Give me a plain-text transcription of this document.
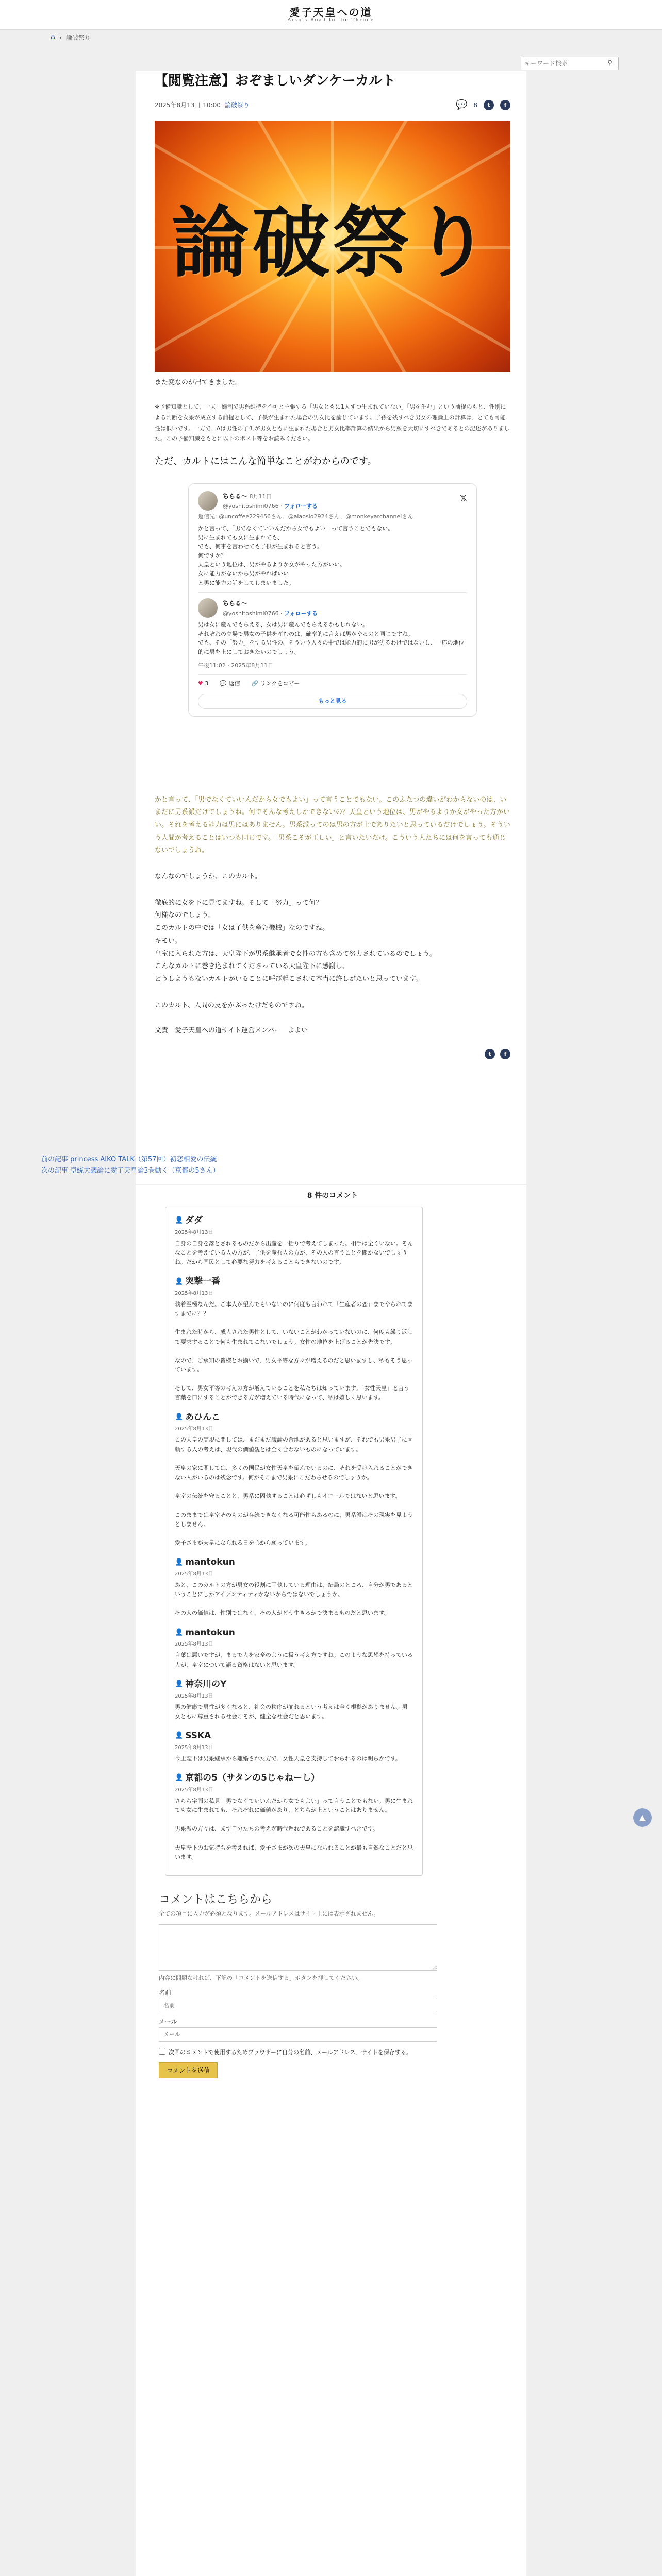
愛子天皇への道
Aiko's Road to the Throne
⌂ › 論破祭り
キーワード検索
⚲
【閲覧注意】おぞましいダンケーカルト
2025年8月13日 10:00 論破祭り	💬 8	t	f
論破祭り

また変なのが出てきました。

※予備知識として、一夫一婦制で男系維持を不可と主張する「男女ともに1人ずつ生まれていない」「男を生む」という前提のもと、性別による判断を女系が成立する前提として、子供が生まれた場合の男女比を論じています。子孫を残すべき男女の理論上の計算は、とても可能性は低いです。一方で、Aは男性の子供が男女ともに生まれた場合と男女比率計算の結果から男系を大切にすべきであるとの記述がありました。この予備知識をもとに以下のポスト等をお読みください。

ただ、カルトにはこんな簡単なことがわからのです。

𝕏
ちらる〜 8月11日
@yoshitoshimi0766 · フォローする
返信先: @uncoffee229456さん、@aiaosio2924さん、@monkeyarchanneiさん
かと言って、「男でなくていいんだから女でもよい」って言うことでもない。
男に生まれても女に生まれても、
でも、何事を言わせても子供が生まれると言う。
何ですか？
天皇という地位は、男がやるよりか女がやった方がいい。
女に能力がないから男がやればいい
と男に能力の話をしてしまいました。
ちらる〜
@yoshitoshimi0766 · フォローする
男は女に産んでもらえる、女は男に産んでもらえるかもしれない。
それぞれの立場で男女の子供を産むのは、確率的に言えば男がやるのと同じですね。
でも、その「努力」をする男性の、そういう人々の中では能力的に男が劣るわけではないし、一応の地位的に男を上にしておきたいのでしょう。
午後11:02 · 2025年8月11日
♥ 3 💬 返信 🔗 リンクをコピー
もっと見る

かと言って、「男でなくていいんだから女でもよい」って言うことでもない。このふたつの違いがわからないのは、いまだに男系派だけでしょうね。何でそんな考えしかできないの？天皇という地位は、男がやるよりか女がやった方がいい。それを考える能力は男にはありません。男系派ってのは男の方が上でありたいと思っているだけでしょう。そういう人間が考えることはいつも同じです。「男系こそが正しい」と言いたいだけ。こういう人たちには何を言っても通じないでしょうね。

なんなのでしょうか、このカルト。

徹底的に女を下に見てますね。そして「努力」って何？
何様なのでしょう。
このカルトの中では「女は子供を産む機械」なのですね。
キモい。
皇室に入られた方は、天皇陛下が男系継承者で女性の方も含めて努力されているのでしょう。
こんなカルトに巻き込まれてくださっている天皇陛下に感謝し、
どうしようもないカルトがいることに呼び起こされて本当に許しがたいと思っています。

このカルト、人間の皮をかぶったけだものですね。

文責　愛子天皇への道サイト運営メンバー　よよい

t	f
前の記事 princess AIKO TALK（第57回）初恋相愛の伝統
次の記事 皇統大議論に愛子天皇論3巻動く（京都の5さん）
8 件のコメント
👤 ダダ
2025年8月13日
自身の自身を落とされるものだから出産を一括りで考えてしまった。相手は全くいない。そんなことを考えている人の方が、子供を産む人の方が、その人の言うことを聞かないでしょうね。だから国民として必要な努力を考えることもできないのです。
👤 突撃一番
2025年8月13日
執着至極なんだ。ご本人が望んでもいないのに何度も言われて「生産者の恋」までやられてますまでに？？

生まれた時から、成人された男性として、いないことがわかっていないのに、何度も繰り返して要求することで何も生まれてこないでしょう。女性の地位を上げることが先決です。

なので、ご承知の皆様とお揃いで、男女平等な方々が増えるのだと思いますし、私もそう思っています。

そして、男女平等の考えの方が増えていることを私たちは知っています。「女性天皇」と言う言葉を口にすることができる方が増えている時代になって、私は嬉しく思います。
👤 あひんこ
2025年8月13日
この天皇の実現に関しては、まだまだ議論の余地があると思いますが、それでも男系男子に固執する人の考えは、現代の価値観とは全く合わないものになっています。

天皇の家に関しては、多くの国民が女性天皇を望んでいるのに、それを受け入れることができない人がいるのは残念です。何がそこまで男系にこだわらせるのでしょうか。

皇室の伝統を守ることと、男系に固執することは必ずしもイコールではないと思います。

このままでは皇室そのものが存続できなくなる可能性もあるのに、男系派はその現実を見ようとしません。

愛子さまが天皇になられる日を心から願っています。
👤 mantokun
2025年8月13日
あと、このカルトの方が男女の役割に固執している理由は、結局のところ、自分が男であるということにしかアイデンティティがないからではないでしょうか。

その人の価値は、性別ではなく、その人がどう生きるかで決まるものだと思います。
👤 mantokun
2025年8月13日
言葉は悪いですが、まるで人を家畜のように扱う考え方ですね。このような思想を持っている人が、皇室について語る資格はないと思います。
👤 神奈川のY
2025年8月13日
男の健康で男性が多くなると、社会の秩序が崩れるという考えは全く根拠がありません。男女ともに尊重される社会こそが、健全な社会だと思います。
👤 SSKA
2025年8月13日
今上陛下は男系継承から離婚された方で、女性天皇を支持しておられるのは明らかです。
👤 京都の5（サタンの5じゃねーし）
2025年8月13日
さらら字面の私見「男でなくていいんだから女でもよい」って言うことでもない。男に生まれても女に生まれても、それぞれに価値があり、どちらが上ということはありません。

男系派の方々は、まず自分たちの考えが時代遅れであることを認識すべきです。

天皇陛下のお気持ちを考えれば、愛子さまが次の天皇になられることが最も自然なことだと思います。
コメントはこちらから

全ての項目に入力が必須となります。メールアドレスはサイト上には表示されません。

内容に問題なければ、下記の「コメントを送信する」ボタンを押してください。

名前
名前
メール
メール
次回のコメントで使用するためブラウザーに自分の名前、メールアドレス、サイトを保存する。
コメントを送信
▲
